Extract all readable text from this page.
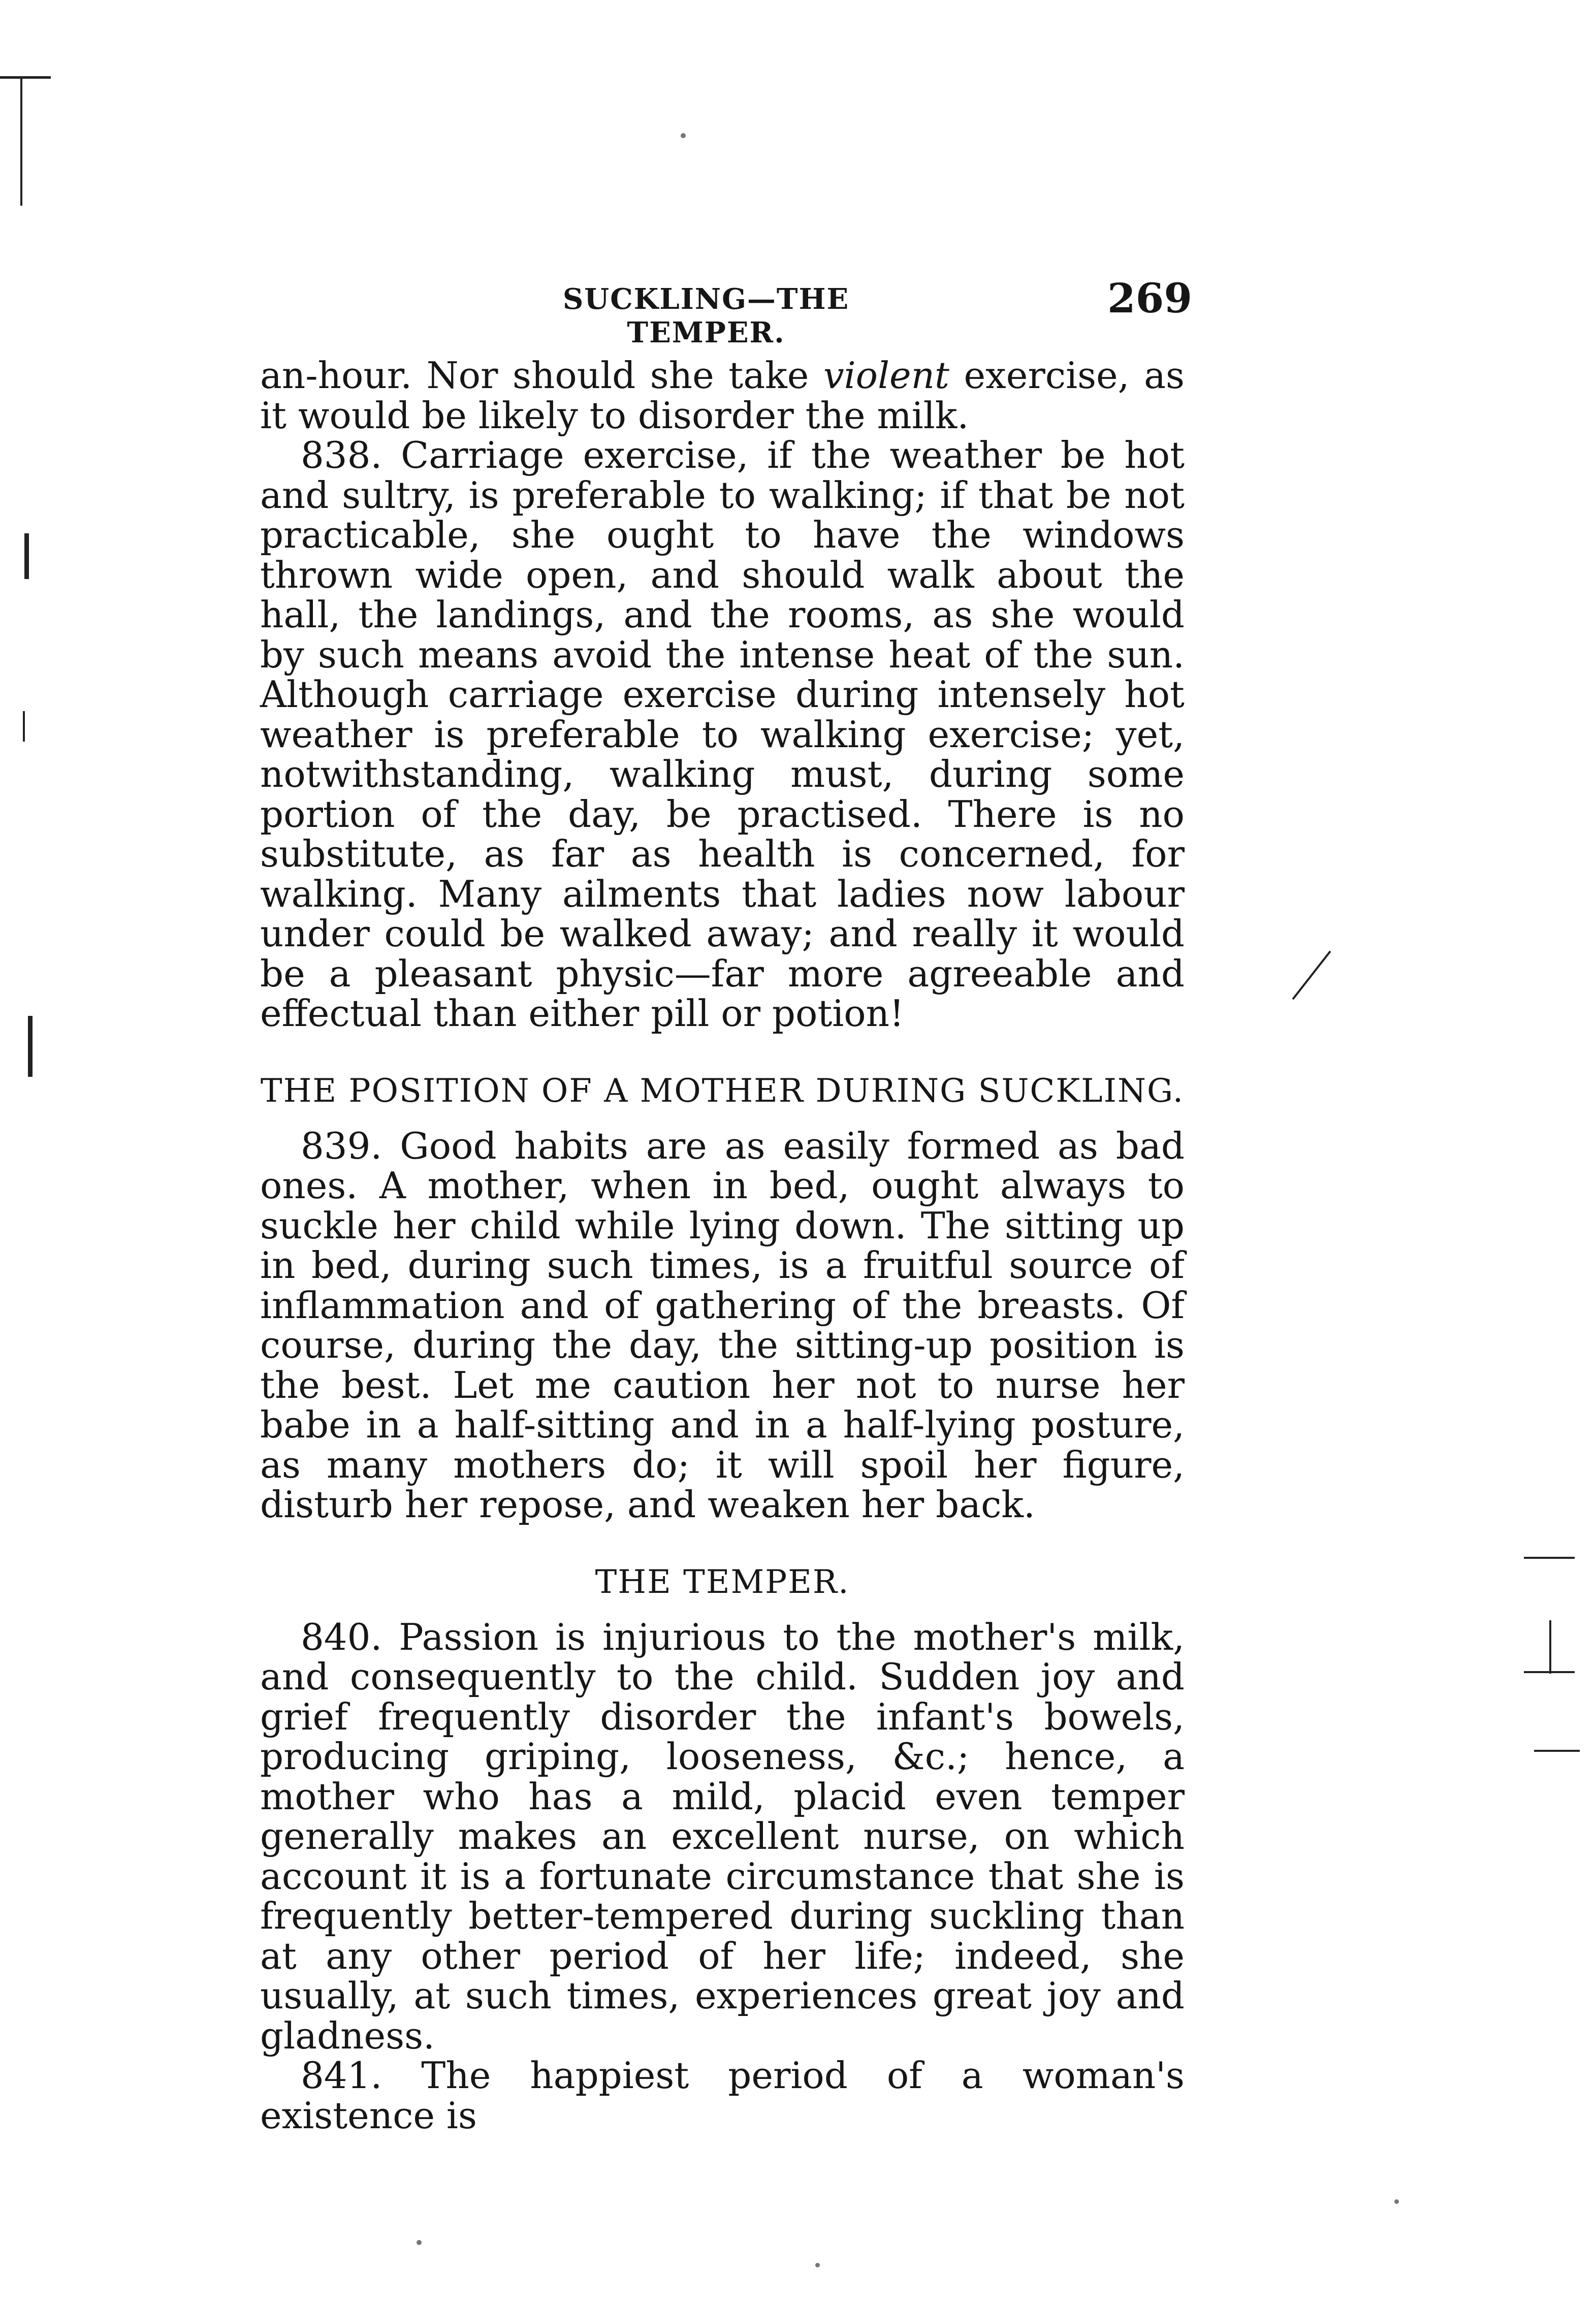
SUCKLING—THE TEMPER.
269

an-hour. Nor should she take violent exercise, as it would be likely to disorder the milk.

838. Carriage exercise, if the weather be hot and sultry, is preferable to walking; if that be not practicable, she ought to have the windows thrown wide open, and should walk about the hall, the landings, and the rooms, as she would by such means avoid the intense heat of the sun. Although carriage exercise during intensely hot weather is preferable to walking exercise; yet, notwithstanding, walking must, during some portion of the day, be practised. There is no substitute, as far as health is concerned, for walking. Many ailments that ladies now labour under could be walked away; and really it would be a pleasant physic—far more agreeable and effectual than either pill or potion!

THE POSITION OF A MOTHER DURING SUCKLING.

839. Good habits are as easily formed as bad ones. A mother, when in bed, ought always to suckle her child while lying down. The sitting up in bed, during such times, is a fruitful source of inflammation and of gathering of the breasts. Of course, during the day, the sitting-up position is the best. Let me caution her not to nurse her babe in a half-sitting and in a half-lying posture, as many mothers do; it will spoil her figure, disturb her repose, and weaken her back.

THE TEMPER.

840. Passion is injurious to the mother's milk, and consequently to the child. Sudden joy and grief frequently disorder the infant's bowels, producing griping, looseness, &c.; hence, a mother who has a mild, placid even temper generally makes an excellent nurse, on which account it is a fortunate circumstance that she is frequently better-tempered during suckling than at any other period of her life; indeed, she usually, at such times, experiences great joy and gladness.

841. The happiest period of a woman's existence is
